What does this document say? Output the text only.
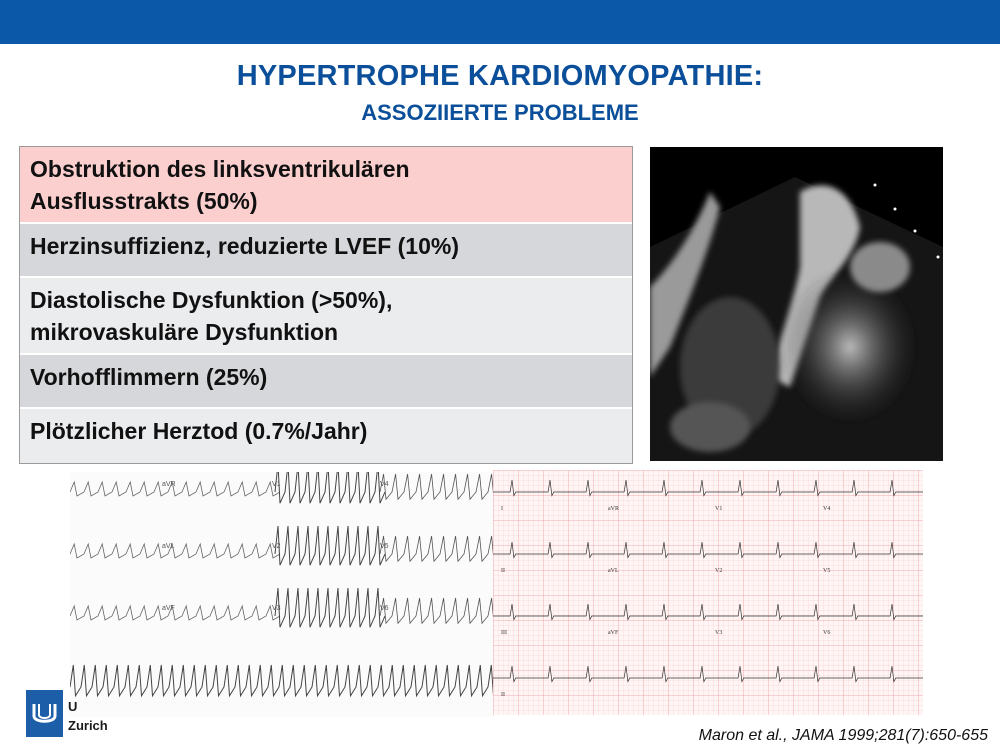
HYPERTROPHE KARDIOMYOPATHIE:
ASSOZIIERTE PROBLEME
Obstruktion des linksventrikulären
Ausflusstrakts (50%)
Herzinsuffizienz, reduzierte LVEF (10%)
Diastolische Dysfunktion (>50%),
mikrovaskuläre Dysfunktion
Vorhofflimmern (25%)
Plötzlicher Herztod (0.7%/Jahr)
aVR
aVL
aVF
V1
V2
V3
V4
V5
V6
I	aVR	V1	V4
II	aVL	V2	V5
III	aVF	V3	V6
II
U
Zurich
Maron et al., JAMA 1999;281(7):650-655
